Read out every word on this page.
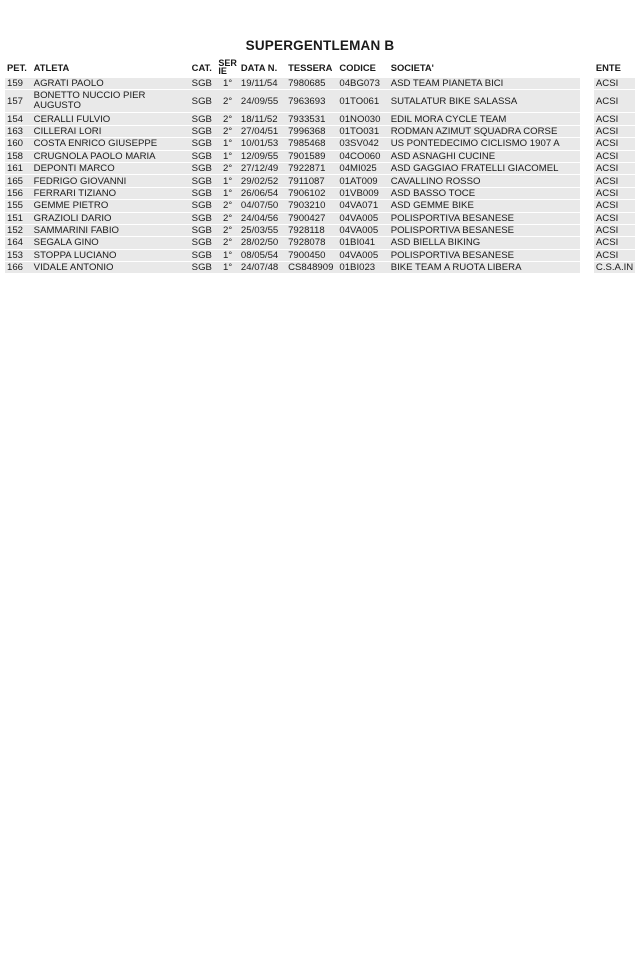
SUPERGENTLEMAN B
PET.	ATLETA	CAT.	SERIE	DATA N.	TESSERA	CODICE	SOCIETA'		ENTE
159	AGRATI PAOLO	SGB	1°	19/11/54	7980685	04BG073	ASD TEAM PIANETA BICI		ACSI
157	BONETTO NUCCIO PIER AUGUSTO	SGB	2°	24/09/55	7963693	01TO061	SUTALATUR BIKE SALASSA		ACSI
154	CERALLI FULVIO	SGB	2°	18/11/52	7933531	01NO030	EDIL MORA CYCLE TEAM		ACSI
163	CILLERAI LORI	SGB	2°	27/04/51	7996368	01TO031	RODMAN AZIMUT SQUADRA CORSE		ACSI
160	COSTA ENRICO GIUSEPPE	SGB	1°	10/01/53	7985468	03SV042	US PONTEDECIMO CICLISMO 1907 A		ACSI
158	CRUGNOLA PAOLO MARIA	SGB	1°	12/09/55	7901589	04CO060	ASD ASNAGHI CUCINE		ACSI
161	DEPONTI MARCO	SGB	2°	27/12/49	7922871	04MI025	ASD GAGGIAO FRATELLI GIACOMEL		ACSI
165	FEDRIGO GIOVANNI	SGB	1°	29/02/52	7911087	01AT009	CAVALLINO ROSSO		ACSI
156	FERRARI TIZIANO	SGB	1°	26/06/54	7906102	01VB009	ASD BASSO TOCE		ACSI
155	GEMME PIETRO	SGB	2°	04/07/50	7903210	04VA071	ASD GEMME BIKE		ACSI
151	GRAZIOLI DARIO	SGB	2°	24/04/56	7900427	04VA005	POLISPORTIVA BESANESE		ACSI
152	SAMMARINI FABIO	SGB	2°	25/03/55	7928118	04VA005	POLISPORTIVA BESANESE		ACSI
164	SEGALA GINO	SGB	2°	28/02/50	7928078	01BI041	ASD BIELLA BIKING		ACSI
153	STOPPA LUCIANO	SGB	1°	08/05/54	7900450	04VA005	POLISPORTIVA BESANESE		ACSI
166	VIDALE ANTONIO	SGB	1°	24/07/48	CS848909	01BI023	BIKE TEAM A RUOTA LIBERA		C.S.A.IN
